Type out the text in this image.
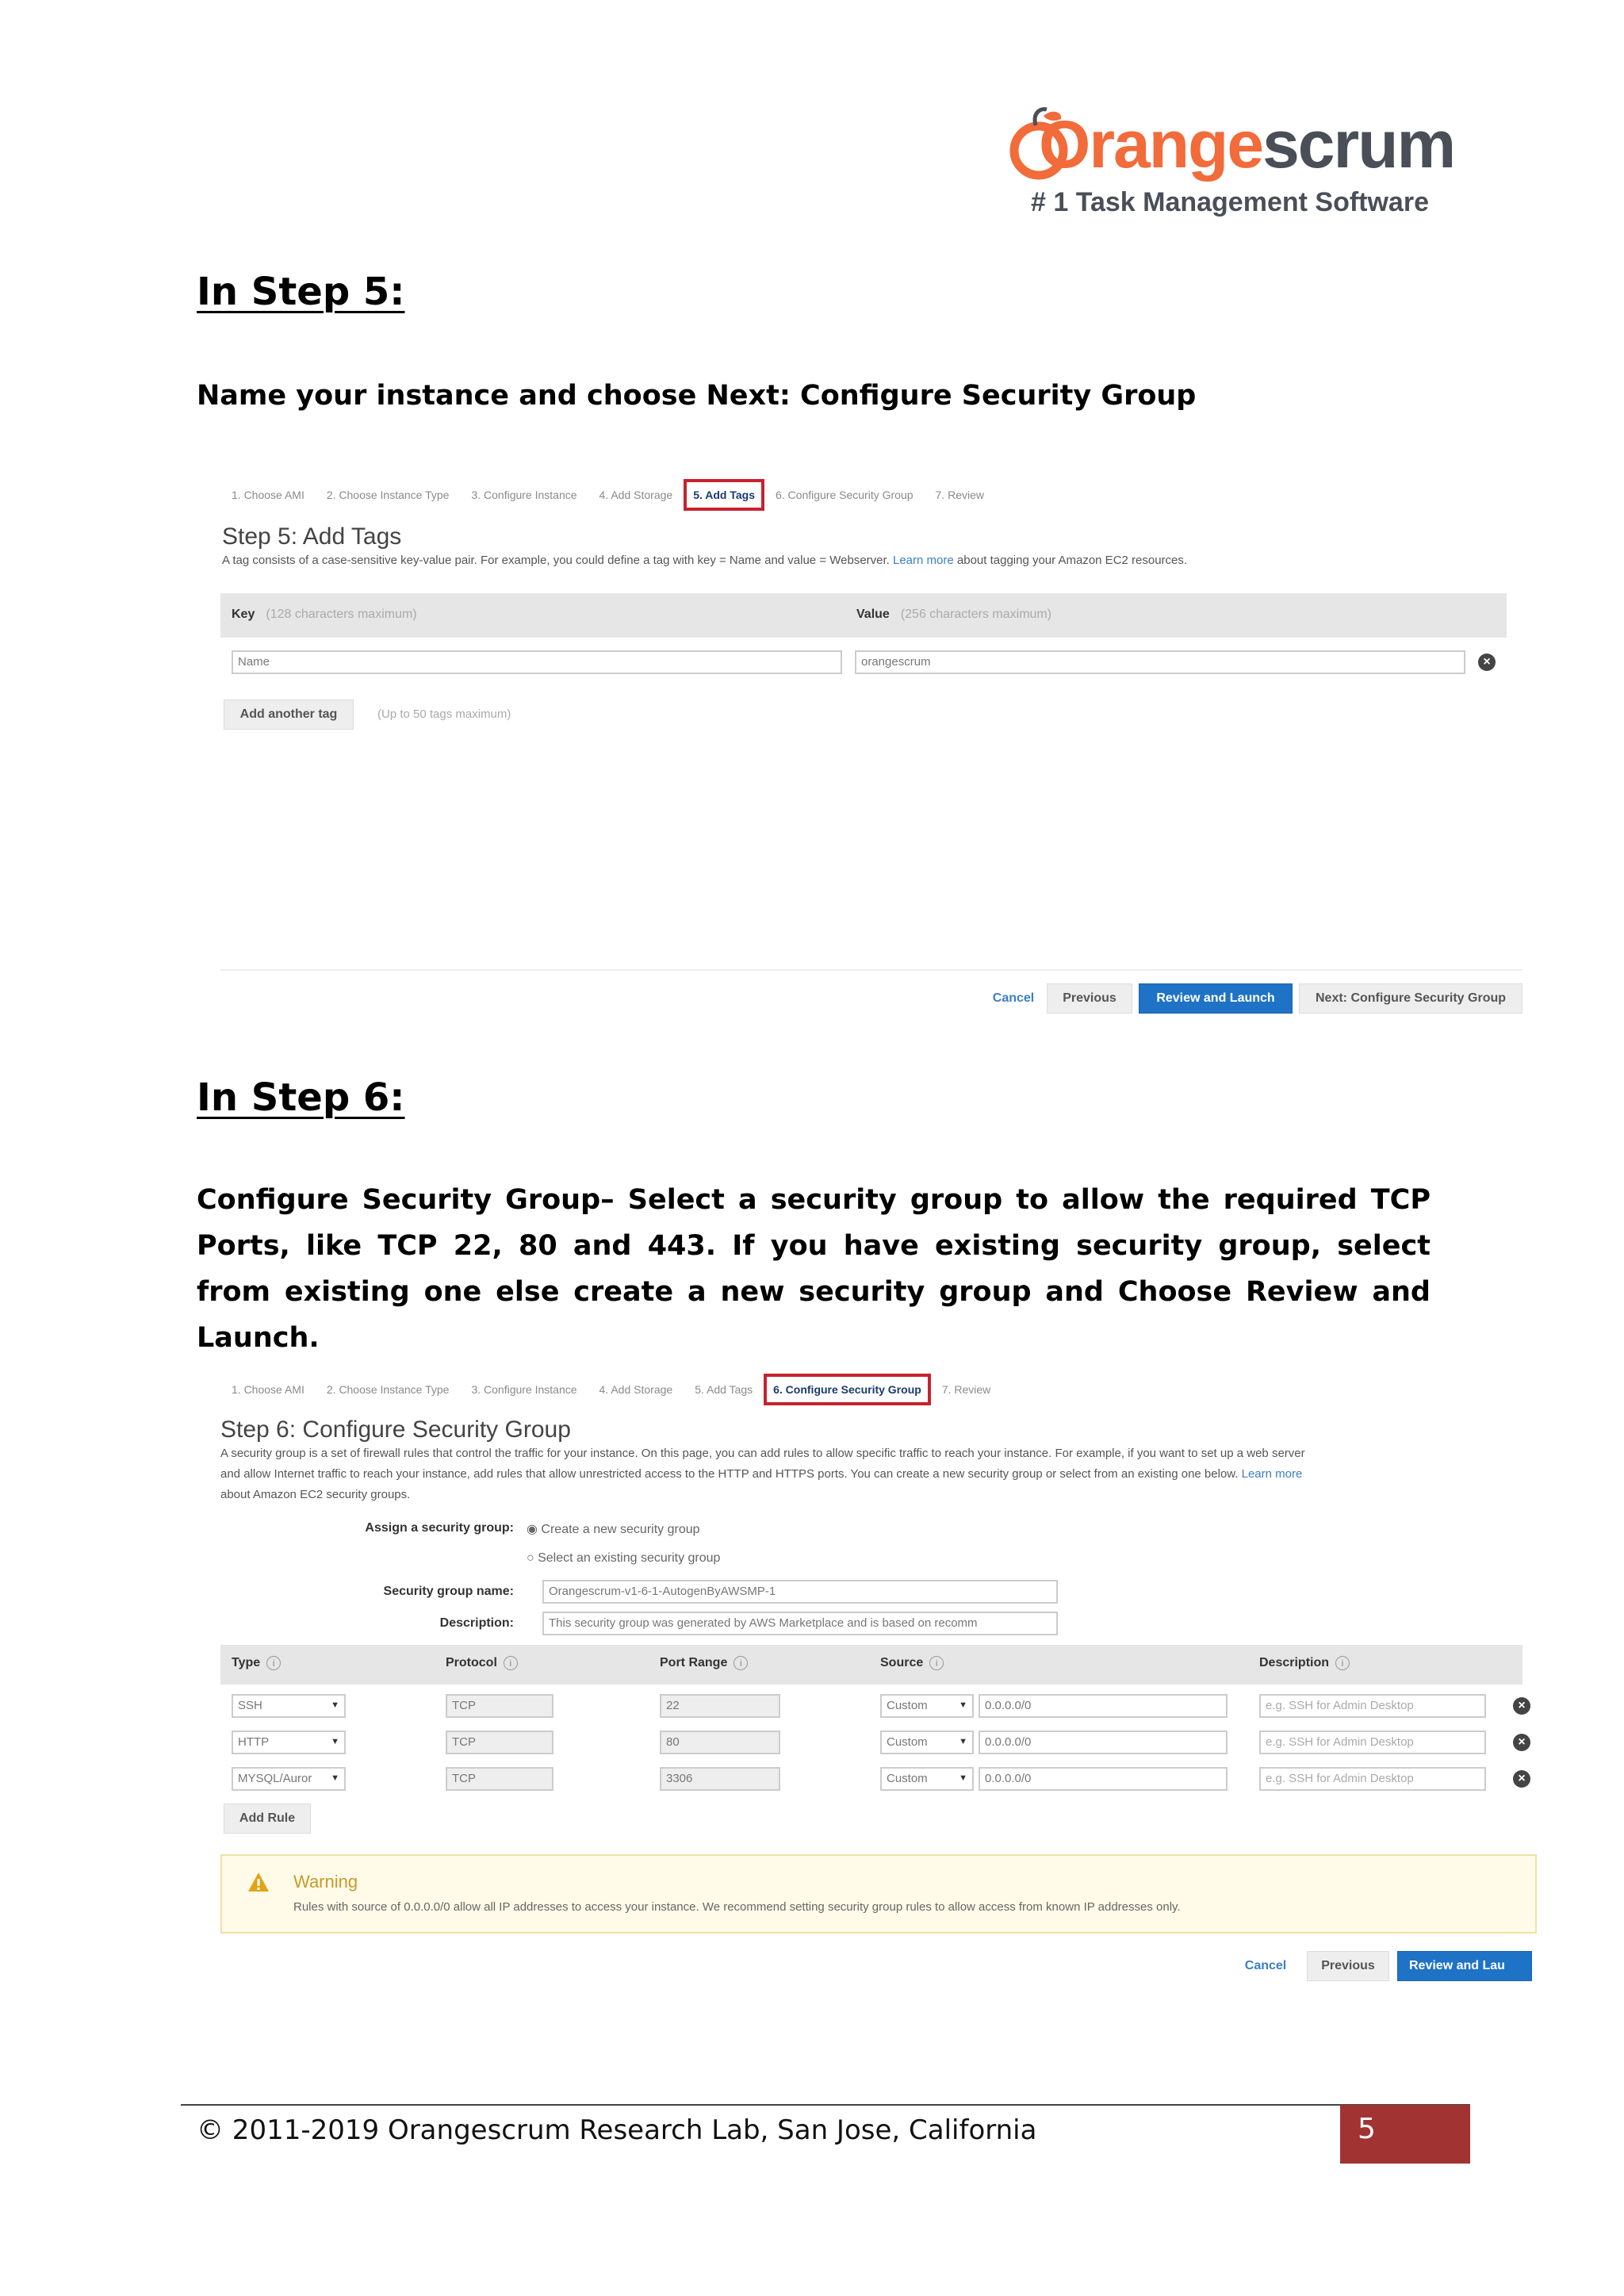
Orangescrum
# 1 Task Management Software
In Step 5:
Name your instance and choose Next: Configure Security Group
1. Choose AMI	2. Choose Instance Type	3. Configure Instance	4. Add Storage	5. Add Tags	6. Configure Security Group	7. Review
Step 5: Add Tags
A tag consists of a case-sensitive key-value pair. For example, you could define a tag with key = Name and value = Webserver. Learn more about tagging your Amazon EC2 resources.
Key (128 characters maximum)	Value (256 characters maximum)
Name	orangescrum	×
Add another tag	(Up to 50 tags maximum)
Cancel	Previous	Review and Launch	Next: Configure Security Group
In Step 6:
Configure Security Group– Select a security group to allow the required TCP Ports, like TCP 22, 80 and 443. If you have existing security group, select from existing one else create a new security group and Choose Review and Launch.
1. Choose AMI	2. Choose Instance Type	3. Configure Instance	4. Add Storage	5. Add Tags	6. Configure Security Group	7. Review
Step 6: Configure Security Group
A security group is a set of firewall rules that control the traffic for your instance. On this page, you can add rules to allow specific traffic to reach your instance. For example, if you want to set up a web server
and allow Internet traffic to reach your instance, add rules that allow unrestricted access to the HTTP and HTTPS ports. You can create a new security group or select from an existing one below. Learn more
about Amazon EC2 security groups.
Assign a security group: ◉ Create a new security group
○ Select an existing security group
Security group name:	Orangescrum-v1-6-1-AutogenByAWSMP-1
Description:	This security group was generated by AWS Marketplace and is based on recomm
Type i	Protocol i	Port Range i	Source i	Description i
SSH	▼	TCP	22	Custom	▼	0.0.0.0/0	e.g. SSH for Admin Desktop	×
HTTP	▼	TCP	80	Custom	▼	0.0.0.0/0	e.g. SSH for Admin Desktop	×
MYSQL/Auror ▼	TCP	3306	Custom	▼	0.0.0.0/0	e.g. SSH for Admin Desktop	×
Add Rule
Warning
Rules with source of 0.0.0.0/0 allow all IP addresses to access your instance. We recommend setting security group rules to allow access from known IP addresses only.
Cancel	Previous	Review and Lau
© 2011-2019 Orangescrum Research Lab, San Jose, California	5
